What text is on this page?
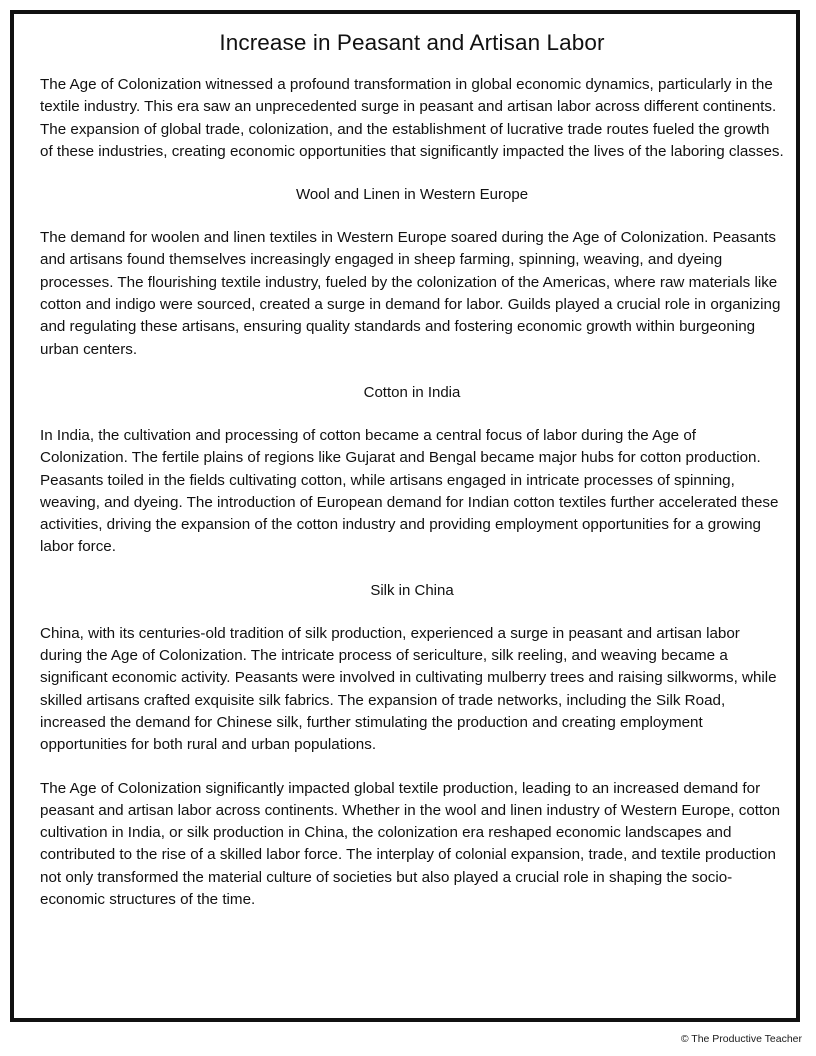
Increase in Peasant and Artisan Labor

The Age of Colonization witnessed a profound transformation in global economic dynamics, particularly in the textile industry. This era saw an unprecedented surge in peasant and artisan labor across different continents. The expansion of global trade, colonization, and the establishment of lucrative trade routes fueled the growth of these industries, creating economic opportunities that significantly impacted the lives of the laboring classes.

Wool and Linen in Western Europe

The demand for woolen and linen textiles in Western Europe soared during the Age of Colonization. Peasants and artisans found themselves increasingly engaged in sheep farming, spinning, weaving, and dyeing processes. The flourishing textile industry, fueled by the colonization of the Americas, where raw materials like cotton and indigo were sourced, created a surge in demand for labor. Guilds played a crucial role in organizing and regulating these artisans, ensuring quality standards and fostering economic growth within burgeoning urban centers.

Cotton in India

In India, the cultivation and processing of cotton became a central focus of labor during the Age of Colonization. The fertile plains of regions like Gujarat and Bengal became major hubs for cotton production. Peasants toiled in the fields cultivating cotton, while artisans engaged in intricate processes of spinning, weaving, and dyeing. The introduction of European demand for Indian cotton textiles further accelerated these activities, driving the expansion of the cotton industry and providing employment opportunities for a growing labor force.

Silk in China

China, with its centuries-old tradition of silk production, experienced a surge in peasant and artisan labor during the Age of Colonization. The intricate process of sericulture, silk reeling, and weaving became a significant economic activity. Peasants were involved in cultivating mulberry trees and raising silkworms, while skilled artisans crafted exquisite silk fabrics. The expansion of trade networks, including the Silk Road, increased the demand for Chinese silk, further stimulating the production and creating employment opportunities for both rural and urban populations.

The Age of Colonization significantly impacted global textile production, leading to an increased demand for peasant and artisan labor across continents. Whether in the wool and linen industry of Western Europe, cotton cultivation in India, or silk production in China, the colonization era reshaped economic landscapes and contributed to the rise of a skilled labor force. The interplay of colonial expansion, trade, and textile production not only transformed the material culture of societies but also played a crucial role in shaping the socio-economic structures of the time.

© The Productive Teacher
